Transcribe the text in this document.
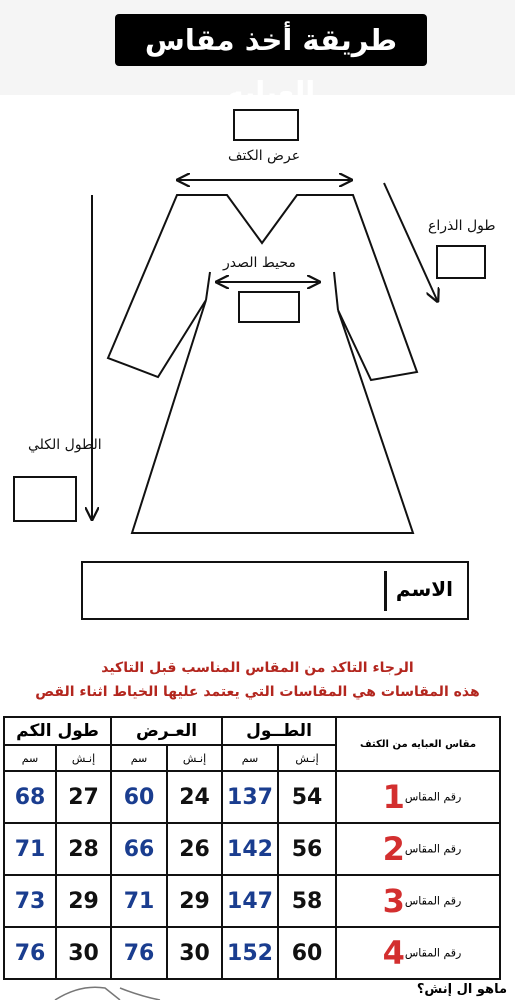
طريقة أخذ مقاس العبايه
عرض الكتف
طول الذراع
محيط الصدر
الطول الكلي
الاسم
الرجاء التاكد من المقاس المناسب قبل التاكيد
هذه المقاسات هي المقاسات التي يعتمد عليها الخياط اثناء القص
طول الكم		العـرض		الطــول		مقاس العبايه من الكتف
سم	إنـش	سم	إنـش	سم	إنـش	
68	27	60	24	137	54	رقم المقاس1
71	28	66	26	142	56	رقم المقاس2
73	29	71	29	147	58	رقم المقاس3
76	30	76	30	152	60	رقم المقاس4
ماهو ال إنش؟
